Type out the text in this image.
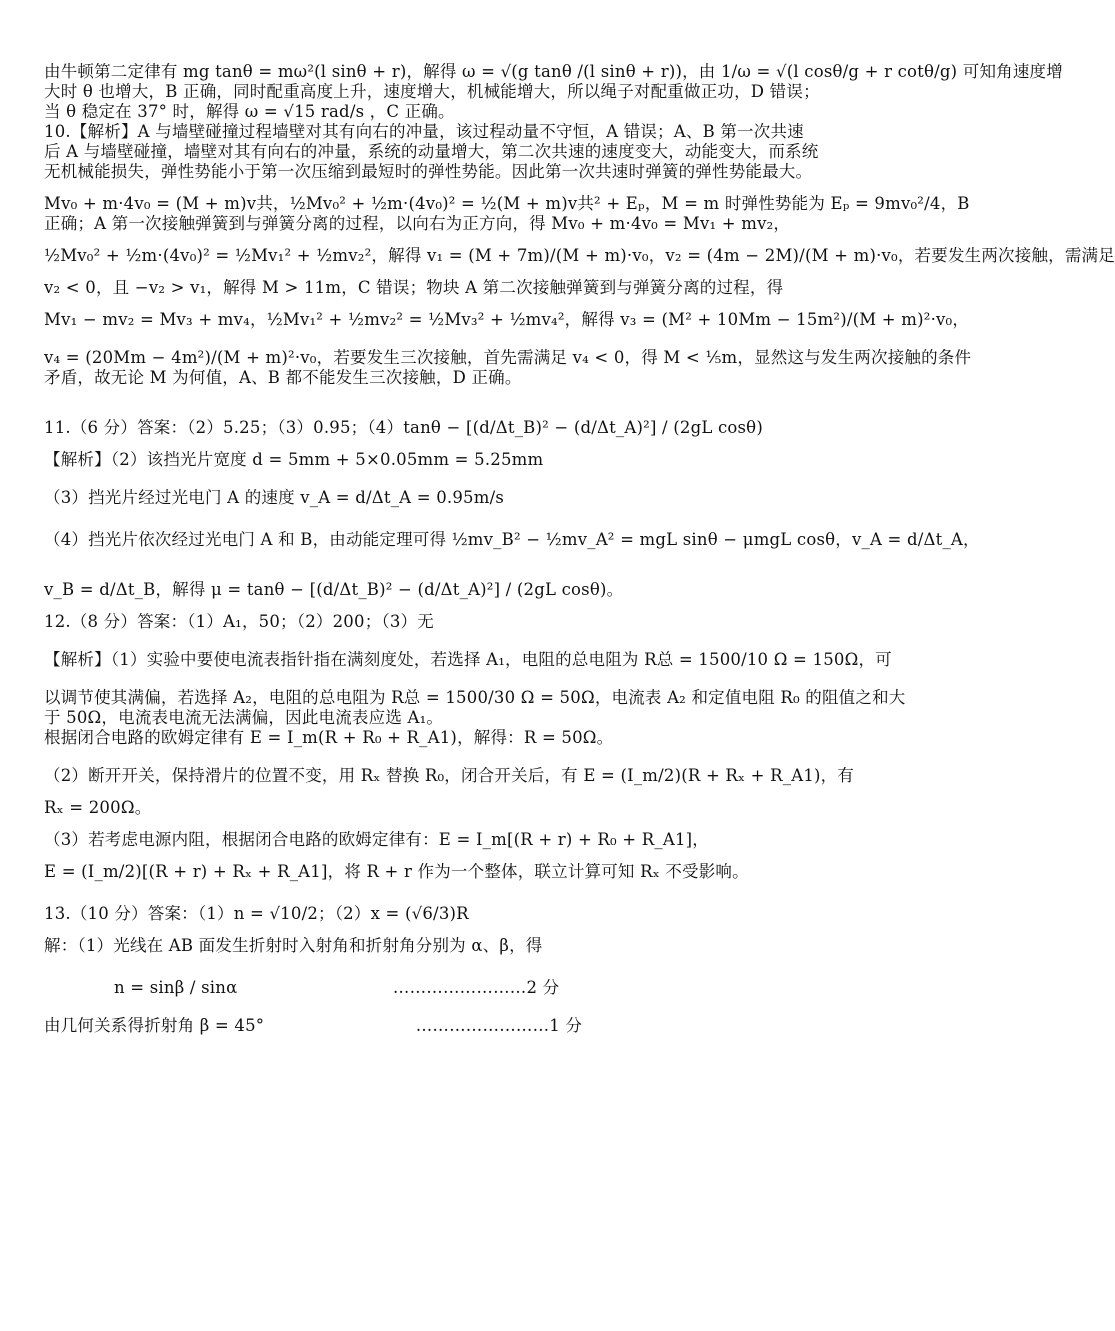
由牛顿第二定律有 mg tanθ = mω²(l sinθ + r)，解得 ω = √(g tanθ /(l sinθ + r))，由 1/ω = √(l cosθ/g + r cotθ/g) 可知角速度增

大时 θ 也增大，B 正确，同时配重高度上升，速度增大，机械能增大，所以绳子对配重做正功，D 错误；

当 θ 稳定在 37° 时，解得 ω = √15 rad/s ，C 正确。

10.【解析】A 与墙壁碰撞过程墙壁对其有向右的冲量，该过程动量不守恒，A 错误；A、B 第一次共速

后 A 与墙壁碰撞，墙壁对其有向右的冲量，系统的动量增大，第二次共速的速度变大，动能变大，而系统

无机械能损失，弹性势能小于第一次压缩到最短时的弹性势能。因此第一次共速时弹簧的弹性势能最大。

Mv₀ + m·4v₀ = (M + m)v共，½Mv₀² + ½m·(4v₀)² = ½(M + m)v共² + Eₚ，M = m 时弹性势能为 Eₚ = 9mv₀²/4，B

正确；A 第一次接触弹簧到与弹簧分离的过程，以向右为正方向，得 Mv₀ + m·4v₀ = Mv₁ + mv₂，

½Mv₀² + ½m·(4v₀)² = ½Mv₁² + ½mv₂²，解得 v₁ = (M + 7m)/(M + m)·v₀，v₂ = (4m − 2M)/(M + m)·v₀，若要发生两次接触，需满足

v₂ < 0，且 −v₂ > v₁，解得 M > 11m，C 错误；物块 A 第二次接触弹簧到与弹簧分离的过程，得

Mv₁ − mv₂ = Mv₃ + mv₄，½Mv₁² + ½mv₂² = ½Mv₃² + ½mv₄²，解得 v₃ = (M² + 10Mm − 15m²)/(M + m)²·v₀，

v₄ = (20Mm − 4m²)/(M + m)²·v₀，若要发生三次接触，首先需满足 v₄ < 0，得 M < ⅕m，显然这与发生两次接触的条件

矛盾，故无论 M 为何值，A、B 都不能发生三次接触，D 正确。

11.（6 分）答案：（2）5.25；（3）0.95；（4）tanθ − [(d/Δt_B)² − (d/Δt_A)²] / (2gL cosθ)

【解析】（2）该挡光片宽度 d = 5mm + 5×0.05mm = 5.25mm

（3）挡光片经过光电门 A 的速度 v_A = d/Δt_A = 0.95m/s

（4）挡光片依次经过光电门 A 和 B，由动能定理可得 ½mv_B² − ½mv_A² = mgL sinθ − μmgL cosθ，v_A = d/Δt_A，

v_B = d/Δt_B，解得 μ = tanθ − [(d/Δt_B)² − (d/Δt_A)²] / (2gL cosθ)。

12.（8 分）答案：（1）A₁，50；（2）200；（3）无

【解析】（1）实验中要使电流表指针指在满刻度处，若选择 A₁，电阻的总电阻为 R总 = 1500/10 Ω = 150Ω，可

以调节使其满偏，若选择 A₂，电阻的总电阻为 R总 = 1500/30 Ω = 50Ω，电流表 A₂ 和定值电阻 R₀ 的阻值之和大

于 50Ω，电流表电流无法满偏，因此电流表应选 A₁。

根据闭合电路的欧姆定律有 E = I_m(R + R₀ + R_A1)，解得：R = 50Ω。

（2）断开开关，保持滑片的位置不变，用 Rₓ 替换 R₀，闭合开关后，有 E = (I_m/2)(R + Rₓ + R_A1)，有

Rₓ = 200Ω。

（3）若考虑电源内阻，根据闭合电路的欧姆定律有：E = I_m[(R + r) + R₀ + R_A1]，

E = (I_m/2)[(R + r) + Rₓ + R_A1]，将 R + r 作为一个整体，联立计算可知 Rₓ 不受影响。

13.（10 分）答案：（1）n = √10/2；（2）x = (√6/3)R

解：（1）光线在 AB 面发生折射时入射角和折射角分别为 α、β，得

n = sinβ / sinα	……………………2 分

由几何关系得折射角 β = 45°	……………………1 分
